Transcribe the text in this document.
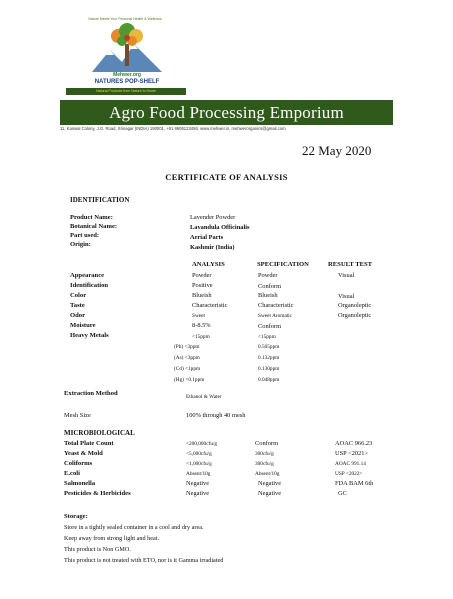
Nature Meets Your Personal Health & Wellness
Mehwer.org
NATURES POP-SHELF
Natural Products from Nature to Home
Agro Food Processing Emporium
11, Kanwal Colony, J.G. Road, Srinagar (INDIA) 190001, +91 9906123456, www.mehwer.in, mehwerorganics@gmail.com
22 May 2020
CERTIFICATE OF ANALYSIS
IDENTIFICATION
Product Name:	Lavender Powder
Botanical Name:	Lavandula Officinalis
Part used:	Aerial Parts
Origin:	Kashmir (India)
ANALYSIS	SPECIFICATION	RESULT TEST
Appearance	Powder	Powder	Visual
Identification	Positive	Conform
Color	Blueish	Blueish	Visual
Taste	Characteristic	Characteristic	Organoleptic
Odor	Sweet	Sweet Aromatic	Organoleptic
Moisture	8-8.5%	Conform
Heavy Metals	<15ppm	<15ppm
(Pb) <3ppm	0.505ppm
(As) <3ppm	0.132ppm
(Cd) <1ppm	0.130ppm
(Hg) <0.1ppm	0.048ppm
Extraction Method	Ethanol & Water
Mesh Size	100% through 40 mesh
MICROBIOLOGICAL
Total Plate Count	<200,000cfu/g	Conform	AOAC 966.23
Yeast & Mold	<5,000cfu/g	300cfu/g	USP <2021>
Coliforms	<1,000cfu/g	300cfu/g	AOAC 991.14
E.coli	Absent/10g	Absent/10g	USP <2022>
Salmonella	Negative	Negative	FDA BAM 6th
Pesticides & Herbicides	Negative	Negative	GC
Storage:
Store in a tightly sealed container in a cool and dry area.
Keep away from strong light and heat.
This product is Non GMO.
This product is not treated with ETO, nor is it Gamma irradiated
